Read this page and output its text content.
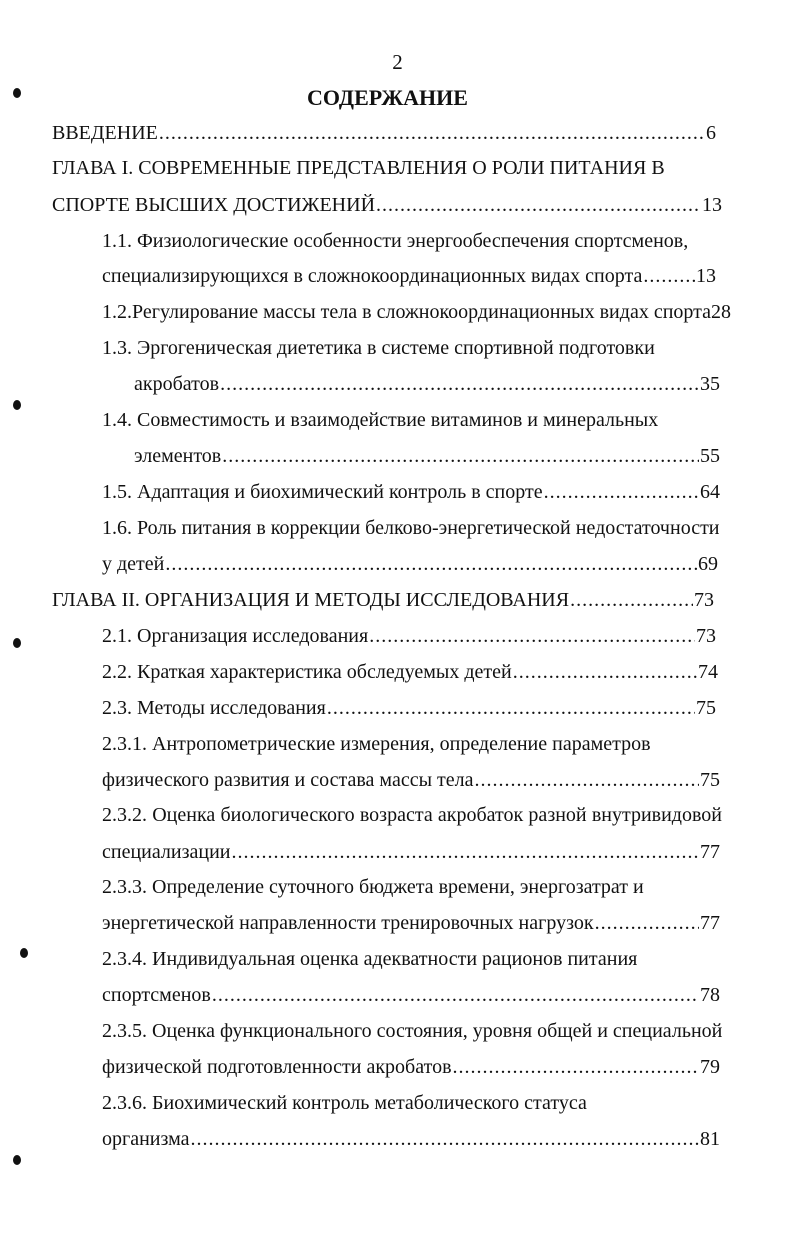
2
СОДЕРЖАНИЕ
ВВЕДЕНИЕ .....	6
ГЛАВА I. СОВРЕМЕННЫЕ ПРЕДСТАВЛЕНИЯ О РОЛИ ПИТАНИЯ В
СПОРТЕ ВЫСШИХ ДОСТИЖЕНИЙ .....	13
1.1. Физиологические особенности энергообеспечения спортсменов,
специализирующихся в сложнокоординационных видах спорта .....	13
1.2.Регулирование массы тела в сложнокоординационных видах спорта 28
1.3. Эргогеническая диететика в системе спортивной подготовки
акробатов .....	35
1.4. Совместимость и взаимодействие витаминов и минеральных
элементов .....	55
1.5. Адаптация и биохимический контроль в спорте .....	64
1.6. Роль питания в коррекции белково-энергетической недостаточности
у детей .....	69
ГЛАВА II. ОРГАНИЗАЦИЯ И МЕТОДЫ ИССЛЕДОВАНИЯ .....	73
2.1. Организация исследования .....	73
2.2. Краткая характеристика обследуемых детей .....	74
2.3. Методы исследования .....	75
2.3.1. Антропометрические измерения, определение параметров
физического развития и состава массы тела .....	75
2.3.2. Оценка биологического возраста акробаток разной внутривидовой
специализации .....	77
2.3.3. Определение суточного бюджета времени, энергозатрат и
энергетической направленности тренировочных нагрузок .....	77
2.3.4. Индивидуальная оценка адекватности рационов питания
спортсменов .....	78
2.3.5. Оценка функционального состояния, уровня общей и специальной
физической подготовленности акробатов .....	79
2.3.6. Биохимический контроль метаболического статуса
организма .....	81
